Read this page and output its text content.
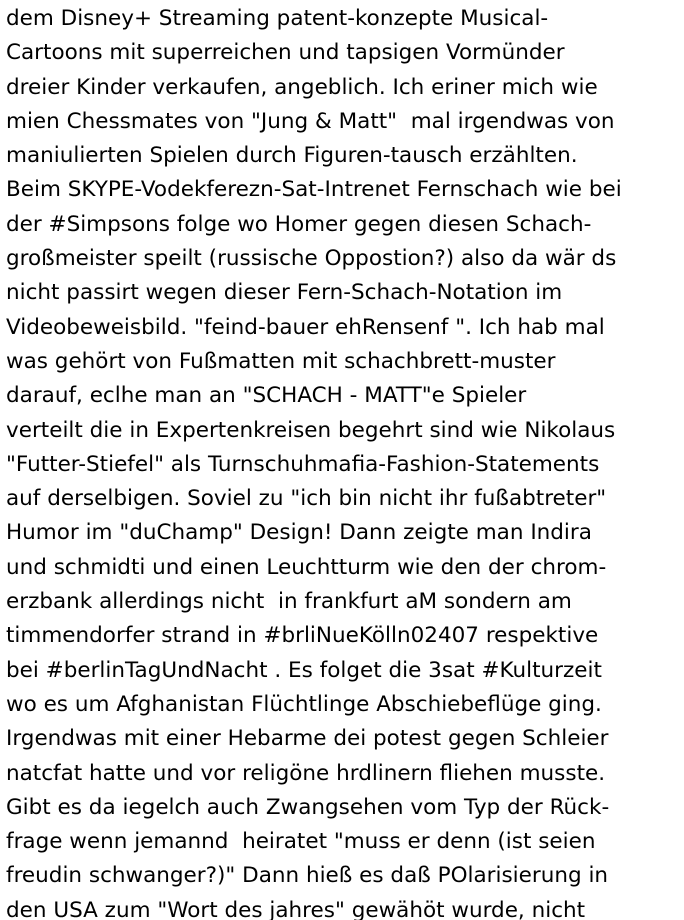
dem Disney+ Streaming patent-konzepte Musical-
Cartoons mit superreichen und tapsigen Vormünder
dreier Kinder verkaufen, angeblich. Ich eriner mich wie
mien Chessmates von "Jung & Matt"  mal irgendwas von
maniulierten Spielen durch Figuren-tausch erzählten.
Beim SKYPE-Vodekferezn-Sat-Intrenet Fernschach wie bei
der #Simpsons folge wo Homer gegen diesen Schach-
großmeister speilt (russische Oppostion?) also da wär ds
nicht passirt wegen dieser Fern-Schach-Notation im
Videobeweisbild. "feind-bauer ehRensenf ". Ich hab mal
was gehört von Fußmatten mit schachbrett-muster
darauf, eclhe man an "SCHACH - MATT"e Spieler
verteilt die in Expertenkreisen begehrt sind wie Nikolaus
"Futter-Stiefel" als Turnschuhmafia-Fashion-Statements
auf derselbigen. Soviel zu "ich bin nicht ihr fußabtreter"
Humor im "duChamp" Design! Dann zeigte man Indira
und schmidti und einen Leuchtturm wie den der chrom-
erzbank allerdings nicht  in frankfurt aM sondern am
timmendorfer strand in #brliNueKölln02407 respektive
bei #berlinTagUndNacht . Es folget die 3sat #Kulturzeit
wo es um Afghanistan Flüchtlinge Abschiebeflüge ging.
Irgendwas mit einer Hebarme dei potest gegen Schleier
natcfat hatte und vor religöne hrdlinern fliehen musste.
Gibt es da iegelch auch Zwangsehen vom Typ der Rück-
frage wenn jemannd  heiratet "muss er denn (ist seien
freudin schwanger?)" Dann hieß es daß POlarisierung in
den USA zum "Wort des jahres" gewähöt wurde, nicht
